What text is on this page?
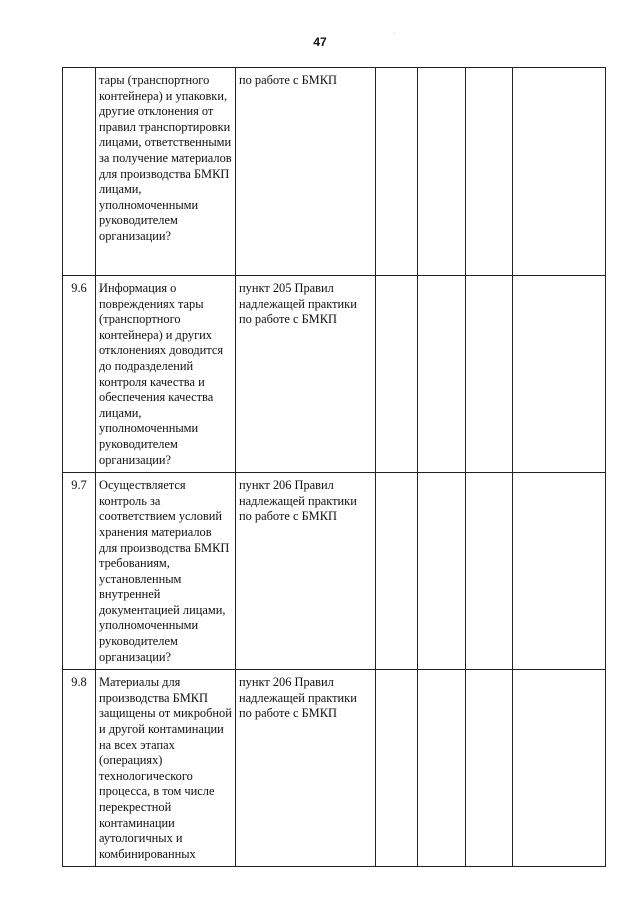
47
·
	тары (транспортного контейнера) и упаковки, другие отклонения от правил транспортировки лицами, ответственными за получение материалов для производства БМКП лицами, уполномоченными руководителем организации?	по работе с БМКП				
9.6	Информация о повреждениях тары (транспортного контейнера) и других отклонениях доводится до подразделений контроля качества и обеспечения качества лицами, уполномоченными руководителем организации?	пункт 205 Правил надлежащей практики по работе с БМКП				
9.7	Осуществляется контроль за соответствием условий хранения материалов для производства БМКП требованиям, установленным внутренней документацией лицами, уполномоченными руководителем организации?	пункт 206 Правил надлежащей практики по работе с БМКП				
9.8	Материалы для производства БМКП защищены от микробной и другой контаминации на всех этапах (операциях) технологического процесса, в том числе перекрестной контаминации аутологичных и комбинированных	пункт 206 Правил надлежащей практики по работе с БМКП				
